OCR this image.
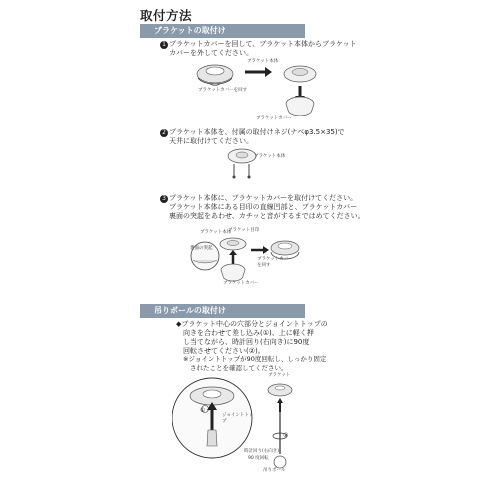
取付方法
ブラケットの取付け
1 ブラケットカバーを回して、ブラケット本体からブラケット
カバーを外してください。
ブラケット本体
ブラケットカバーを回す
ブラケットカバー
2 ブラケット本体を、付属の取付けネジ(ナベφ3.5×35)で
天井に取付けてください。
ブラケット本体
3 ブラケット本体に、ブラケットカバーを取付けてください。
ブラケット本体にある目印の直線凹部と、ブラケットカバー
裏面の突起をあわせ、カチッと音がするまではめてください。
ブラケット本体
ブラケット目印
裏面の突起
ブラケットカバーを回す
ブラケットカバー
吊りボールの取付け
◆ブラケット中心の穴部分とジョイントトップの
向きを合わせて差し込み(①)、上に軽く押
し当てながら、時計回り(右向き)に90度
回転させてください(②)。
※ジョイントトップが90度回転し、しっかり固定
されたことを確認してください。
ブラケット
①
ジョイントトップ
②
時計回り(右向き)
90 度回転
吊りボール
